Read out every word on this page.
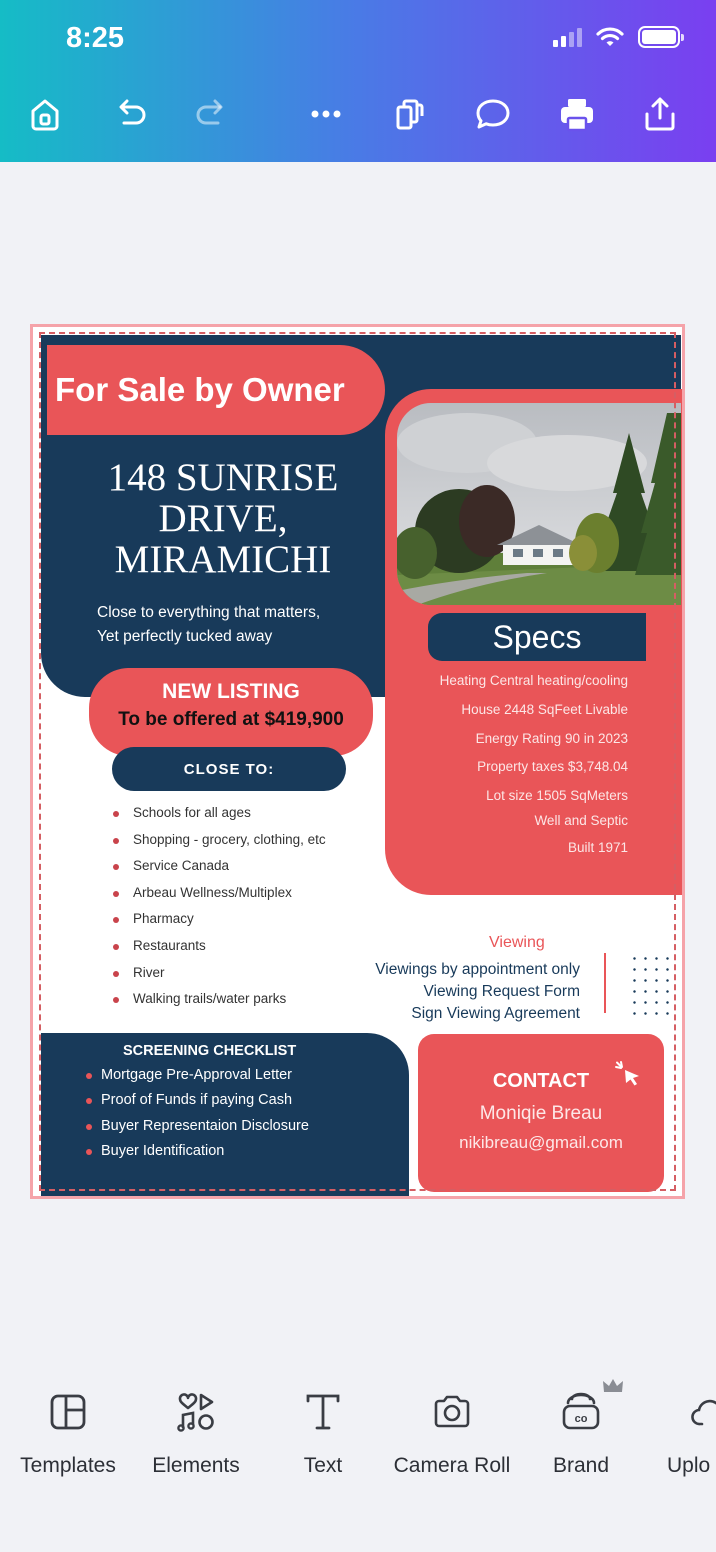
8:25
For Sale by Owner
148 SUNRISE
DRIVE,
MIRAMICHI
Close to everything that matters,
Yet perfectly tucked away	Specs
Heating Central heating/cooling
House 2448 SqFeet Livable
Energy Rating 90 in 2023
Property taxes $3,748.04
Lot size 1505 SqMeters
Well and Septic
Built 1971
NEW LISTING
To be offered at $419,900
CLOSE TO:
Schools for all ages
Shopping - grocery, clothing, etc
Service Canada
Arbeau Wellness/Multiplex
Pharmacy
Restaurants
River
Walking trails/water parks
Viewing
Viewings by appointment only
Viewing Request Form
Sign Viewing Agreement
SCREENING CHECKLIST
Mortgage Pre-Approval Letter
Proof of Funds if paying Cash
Buyer Representaion Disclosure
Buyer Identification
CONTACT
Moniqie Breau
nikibreau@gmail.com
Templates	Elements	Text	Camera Roll
co
Brand	Uplo
